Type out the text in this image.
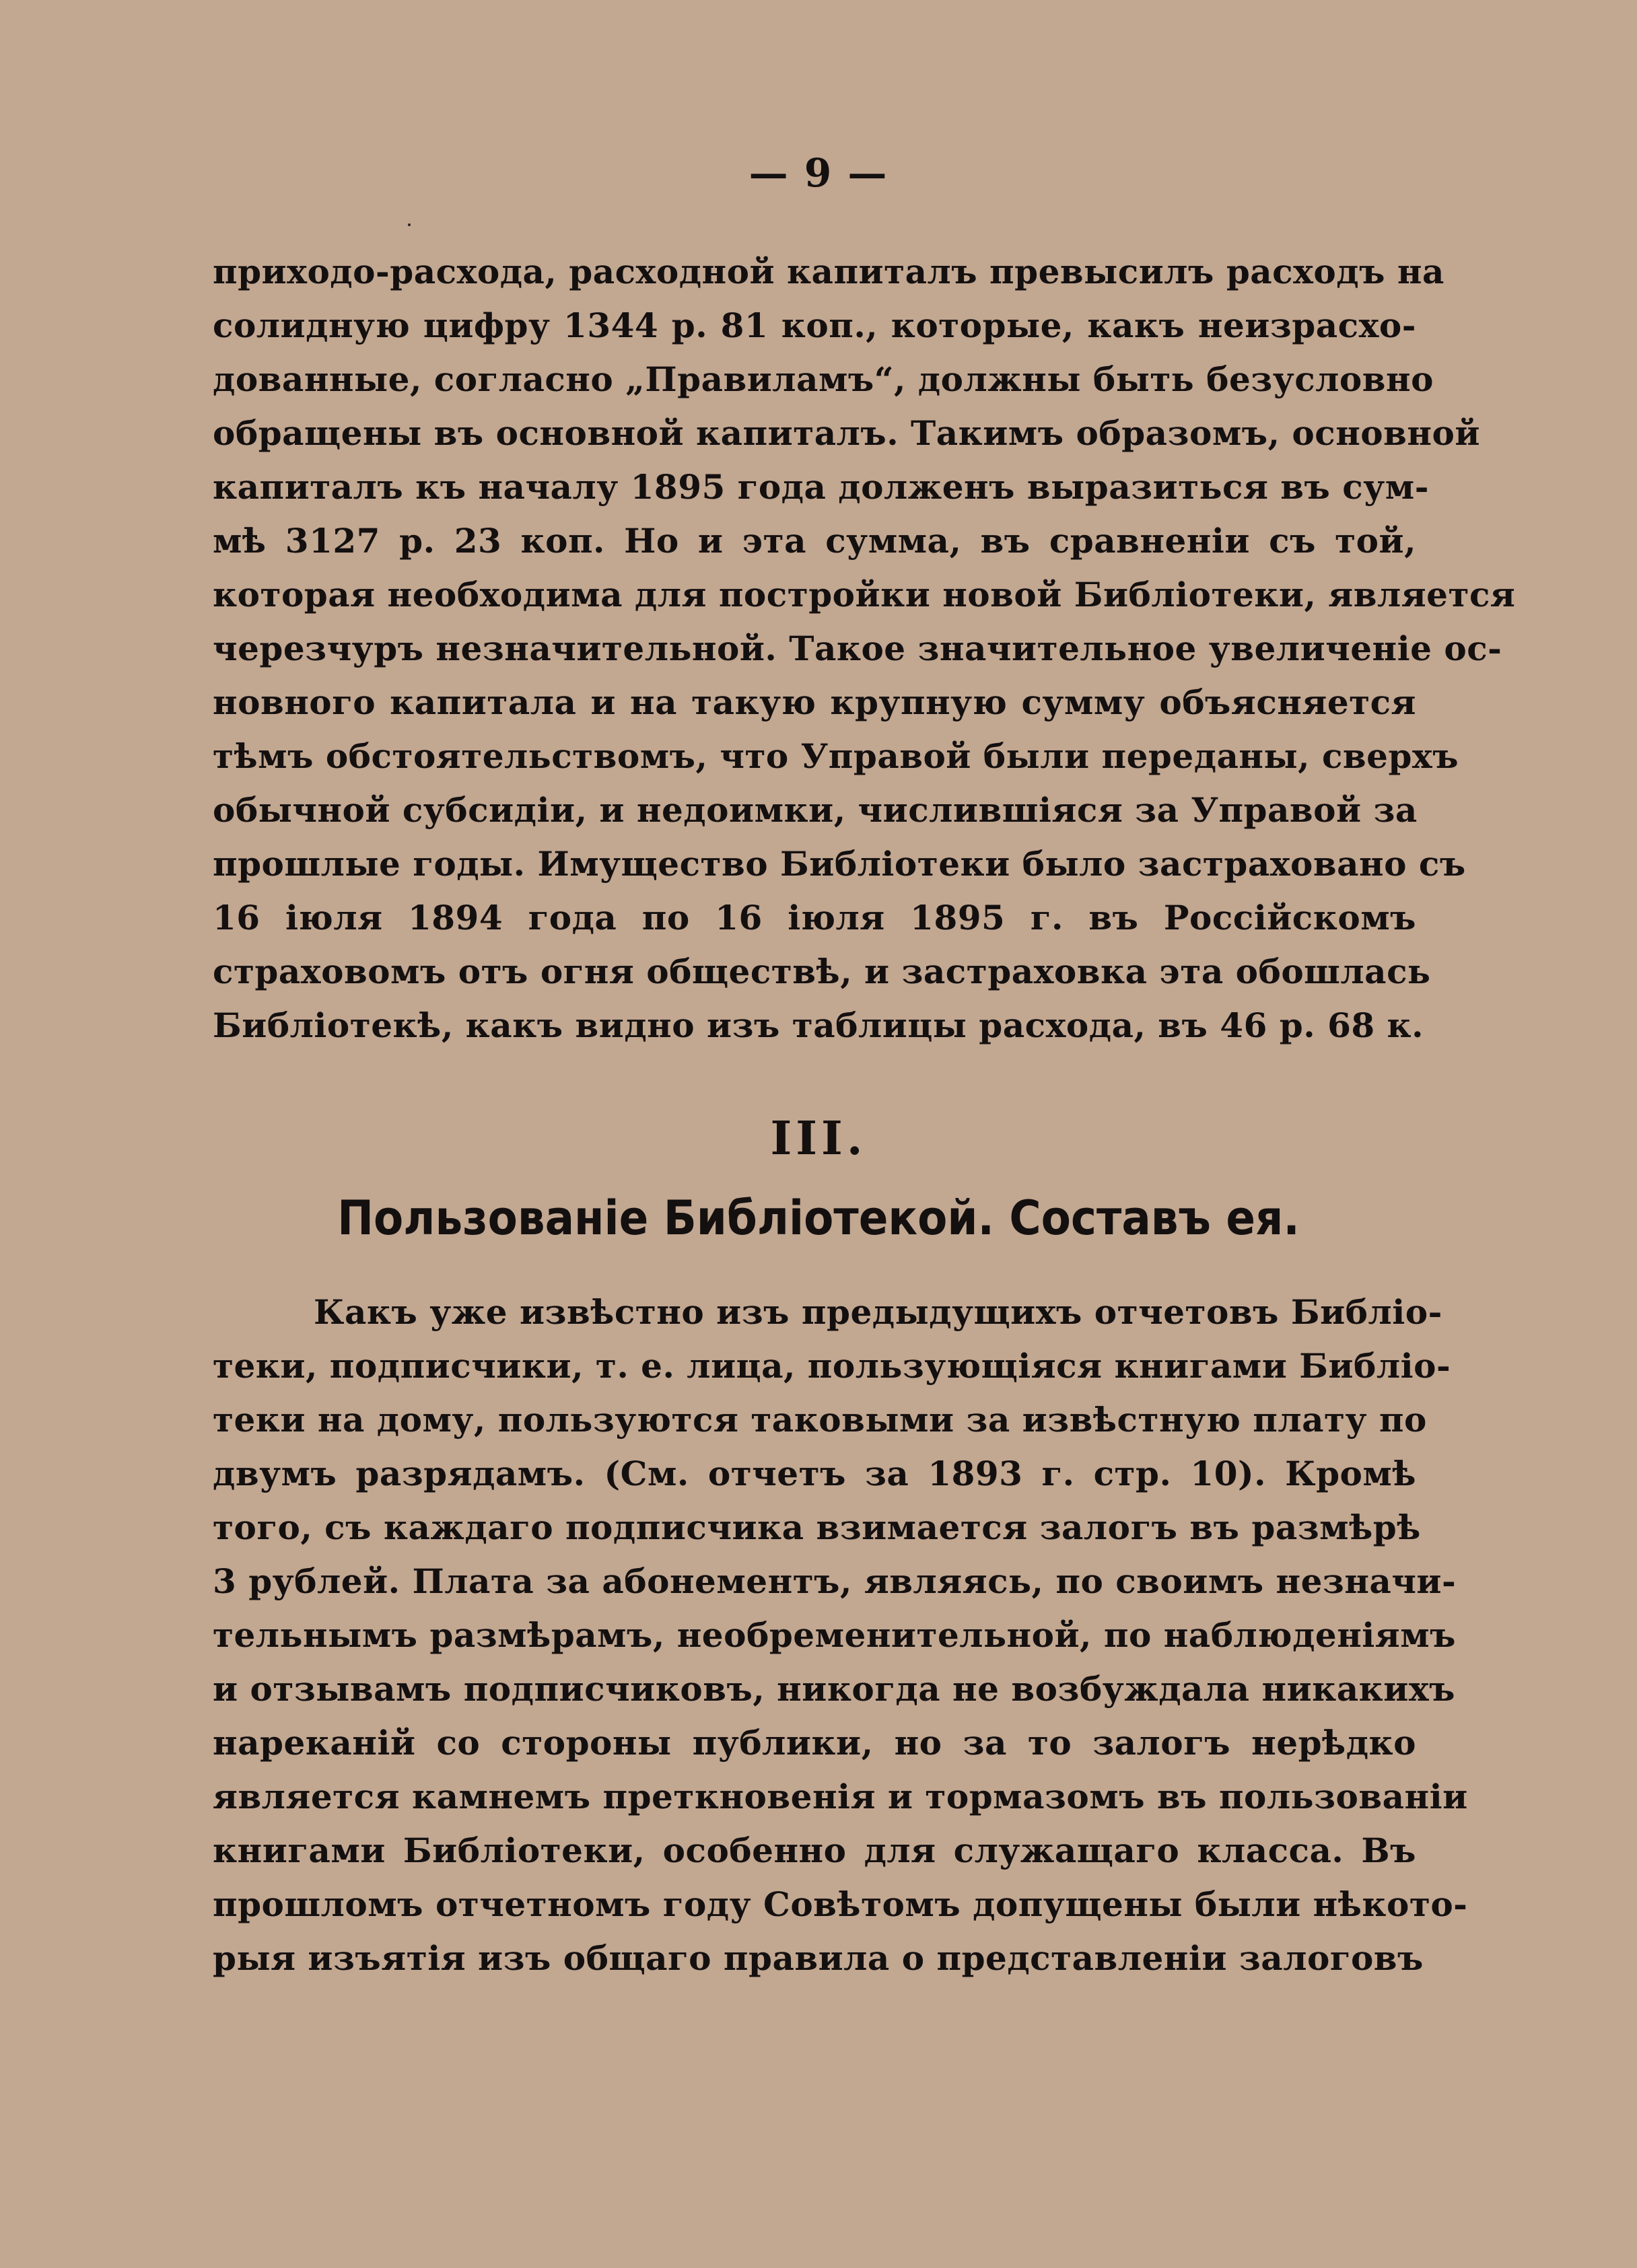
— 9 —
приходо-расхода, расходной капиталъ превысилъ расходъ на
солидную цифру 1344 р. 81 коп., которые, какъ неизрасхо-
дованные, согласно „Правиламъ“, должны быть безусловно
обращены въ основной капиталъ. Такимъ образомъ, основной
капиталъ къ началу 1895 года долженъ выразиться въ сум-
мѣ 3127 р. 23 коп. Но и эта сумма, въ сравненіи съ той,
которая необходима для постройки новой Библіотеки, является
черезчуръ незначительной. Такое значительное увеличеніе ос-
новного капитала и на такую крупную сумму объясняется
тѣмъ обстоятельствомъ, что Управой были переданы, сверхъ
обычной субсидіи, и недоимки, числившіяся за Управой за
прошлые годы. Имущество Библіотеки было застраховано съ
16 іюля 1894 года по 16 іюля 1895 г. въ Россійскомъ
страховомъ отъ огня обществѣ, и застраховка эта обошлась
Библіотекѣ, какъ видно изъ таблицы расхода, въ 46 р. 68 к.
III.
Пользованіе Библіотекой. Составъ ея.
Какъ уже извѣстно изъ предыдущихъ отчетовъ Библіо-
теки, подписчики, т. е. лица, пользующіяся книгами Библіо-
теки на дому, пользуются таковыми за извѣстную плату по
двумъ разрядамъ. (См. отчетъ за 1893 г. стр. 10). Кромѣ
того, съ каждаго подписчика взимается залогъ въ размѣрѣ
3 рублей. Плата за абонементъ, являясь, по своимъ незначи-
тельнымъ размѣрамъ, необременительной, по наблюденіямъ
и отзывамъ подписчиковъ, никогда не возбуждала никакихъ
нареканій со стороны публики, но за то залогъ нерѣдко
является камнемъ преткновенія и тормазомъ въ пользованіи
книгами Библіотеки, особенно для служащаго класса. Въ
прошломъ отчетномъ году Совѣтомъ допущены были нѣкото-
рыя изъятія изъ общаго правила о представленіи залоговъ
